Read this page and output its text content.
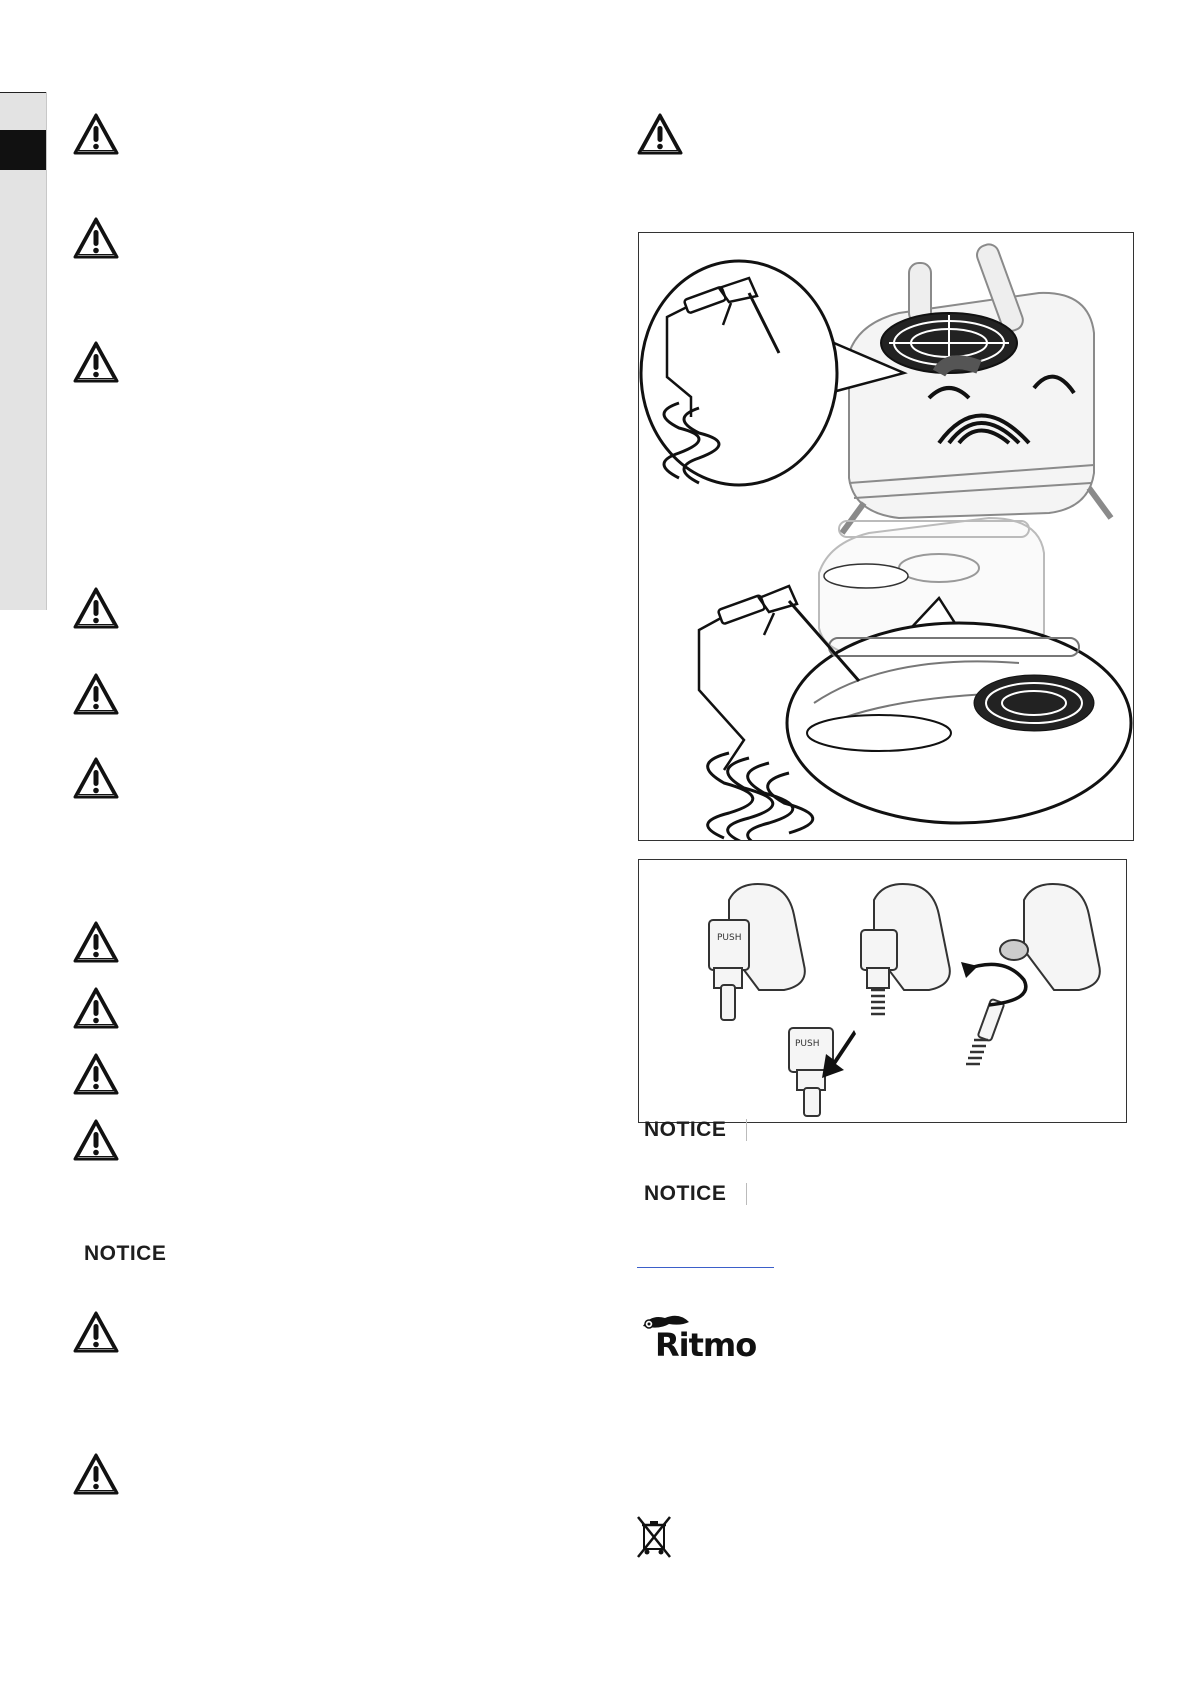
NOTICE
PUSH
PUSH
NOTICE
NOTICE
Ritmo
